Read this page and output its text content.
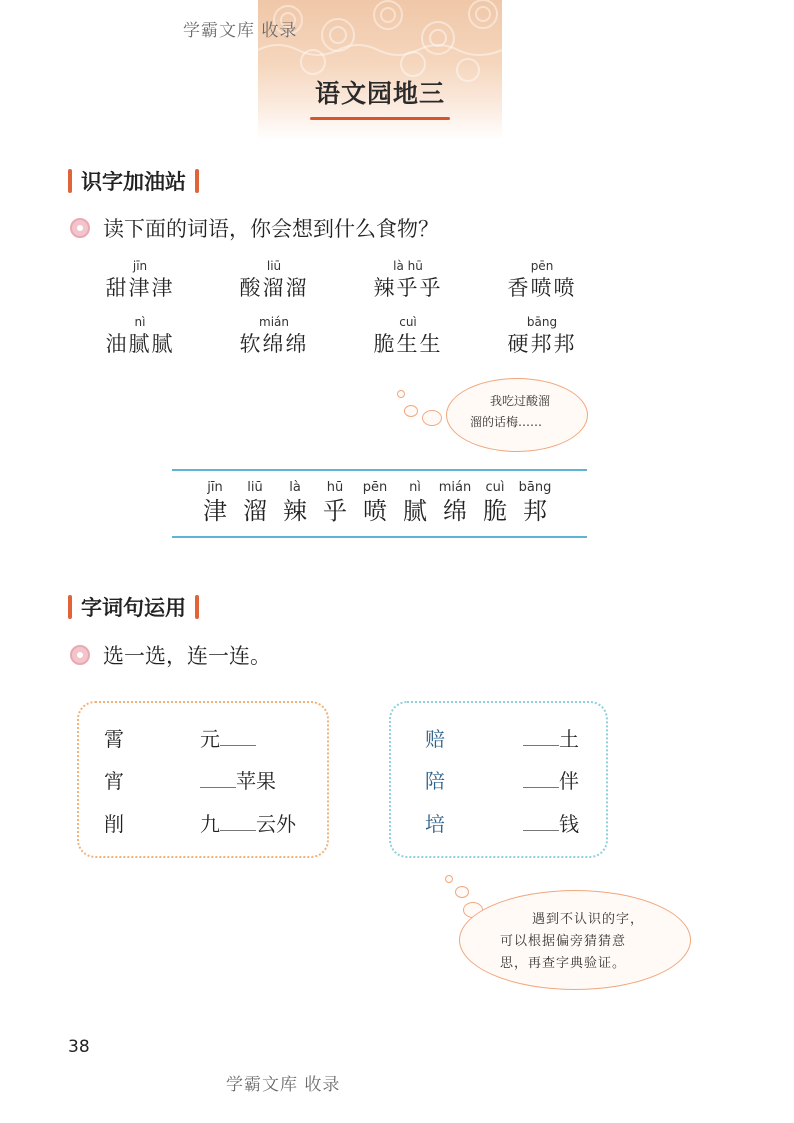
学霸文库 收录
语文园地三
识字加油站
读下面的词语，你会想到什么食物？
jīn
甜津津
liū
酸溜溜
là hū
辣乎乎
pēn
香喷喷
nì
油腻腻
mián
软绵绵
cuì
脆生生
bāng
硬邦邦
我吃过酸溜
溜的话梅……
jīn
津
liū
溜
là
辣
hū
乎
pēn
喷
nì
腻
mián
绵
cuì
脆
bāng
邦
字词句运用
选一选，连一连。
霄
宵
削
元
苹果
九 云外
赔
陪
培
土
伴
钱
遇到不认识的字，
可以根据偏旁猜猜意
思，再查字典验证。
38
学霸文库 收录
